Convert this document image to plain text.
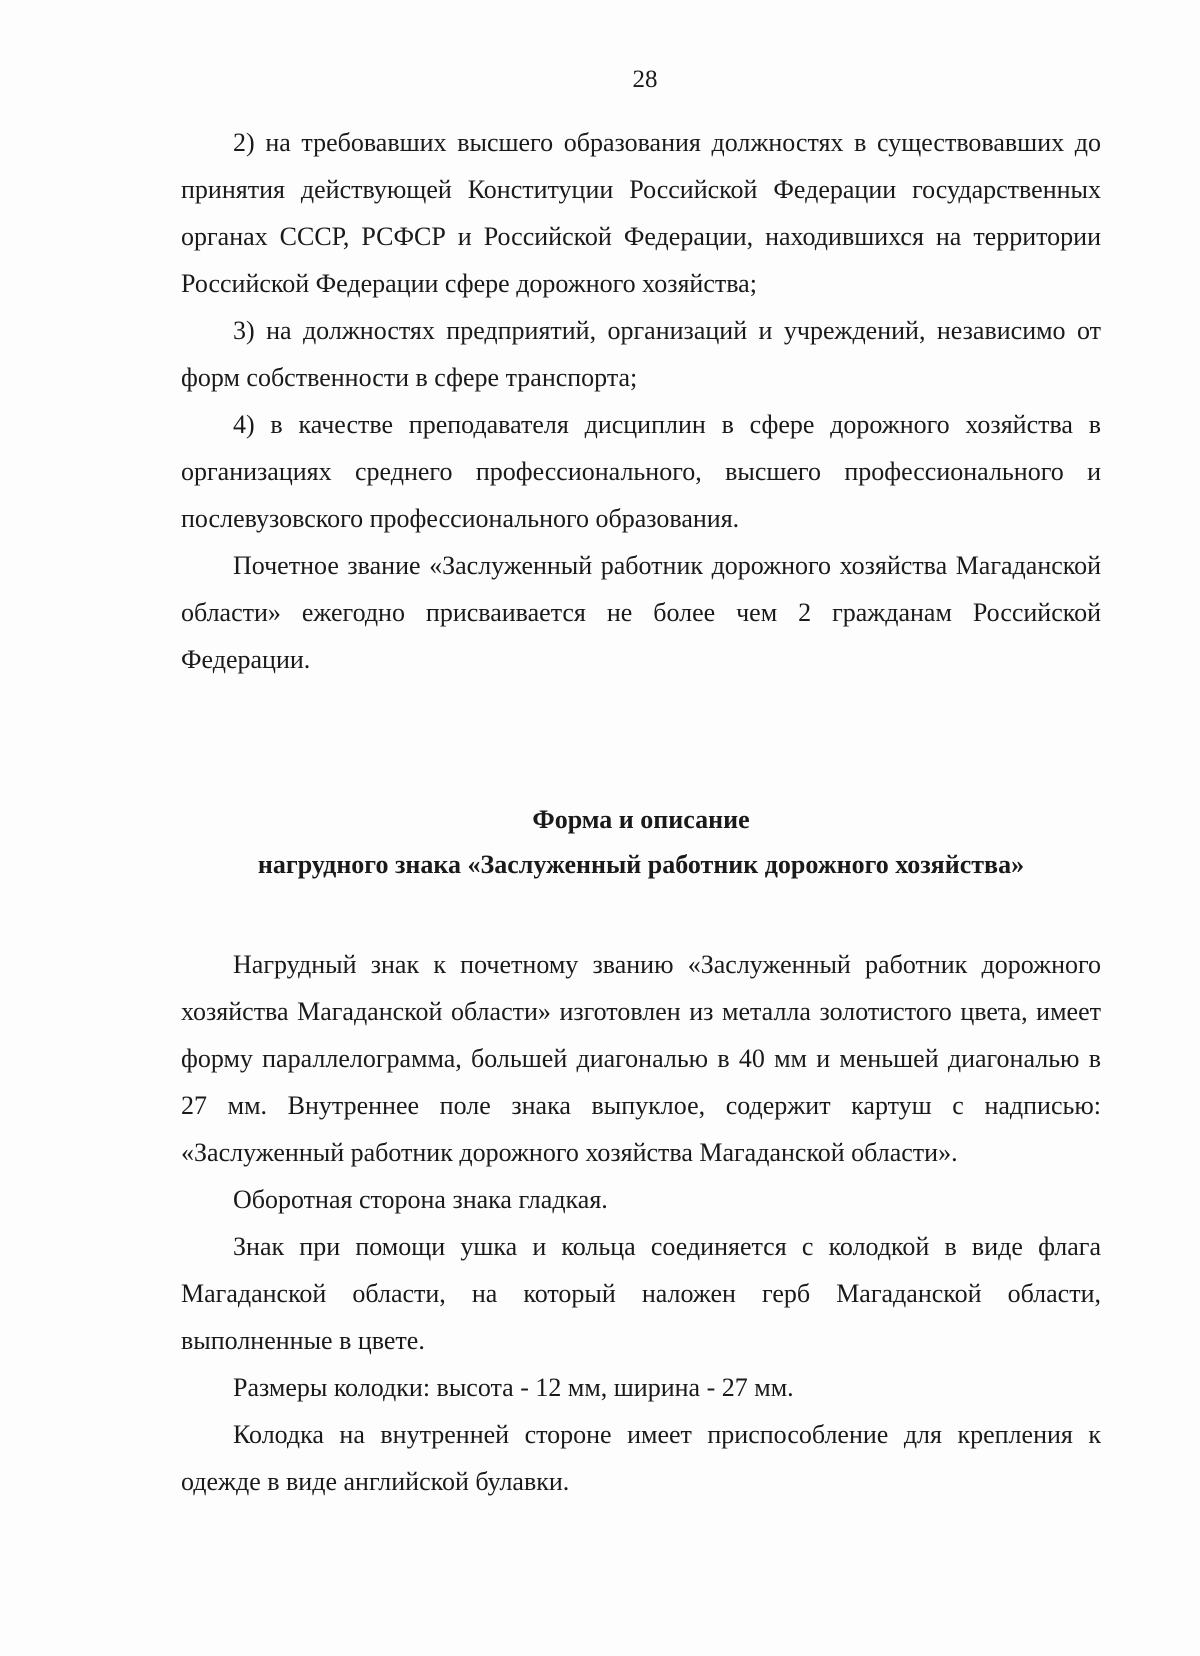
28

2) на требовавших высшего образования должностях в существовавших до принятия действующей Конституции Российской Федерации государственных органах СССР, РСФСР и Российской Федерации, находившихся на территории Российской Федерации сфере дорожного хозяйства;

3) на должностях предприятий, организаций и учреждений, независимо от форм собственности в сфере транспорта;

4) в качестве преподавателя дисциплин в сфере дорожного хозяйства в организациях среднего профессионального, высшего профессионального и послевузовского профессионального образования.

Почетное звание «Заслуженный работник дорожного хозяйства Магаданской области» ежегодно присваивается не более чем 2 гражданам Российской Федерации.

Форма и описание
нагрудного знака «Заслуженный работник дорожного хозяйства»

Нагрудный знак к почетному званию «Заслуженный работник дорожного хозяйства Магаданской области» изготовлен из металла золотистого цвета, имеет форму параллелограмма, большей диагональю в 40 мм и меньшей диагональю в 27 мм. Внутреннее поле знака выпуклое, содержит картуш с надписью: «Заслуженный работник дорожного хозяйства Магаданской области».

Оборотная сторона знака гладкая.

Знак при помощи ушка и кольца соединяется с колодкой в виде флага Магаданской области, на который наложен герб Магаданской области, выполненные в цвете.

Размеры колодки: высота - 12 мм, ширина - 27 мм.

Колодка на внутренней стороне имеет приспособление для крепления к одежде в виде английской булавки.
